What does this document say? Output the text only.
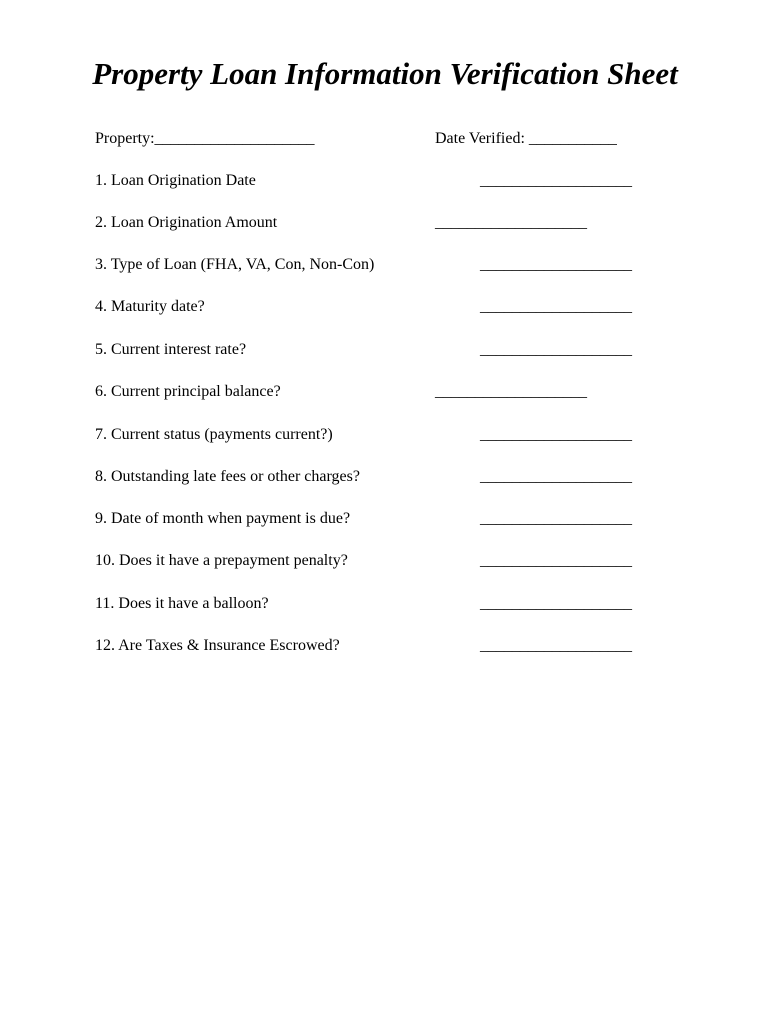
Property Loan Information Verification Sheet
Property:____________________	Date Verified: ___________
1. Loan Origination Date	___________________
2. Loan Origination Amount	___________________
3. Type of Loan (FHA, VA, Con, Non-Con)	___________________
4. Maturity date?	___________________
5. Current interest rate?	___________________
6. Current principal balance?	___________________
7. Current status (payments current?)	___________________
8. Outstanding late fees or other charges?	___________________
9. Date of month when payment is due?	___________________
10. Does it have a prepayment penalty?	___________________
11. Does it have a balloon?	___________________
12. Are Taxes & Insurance Escrowed?	___________________
